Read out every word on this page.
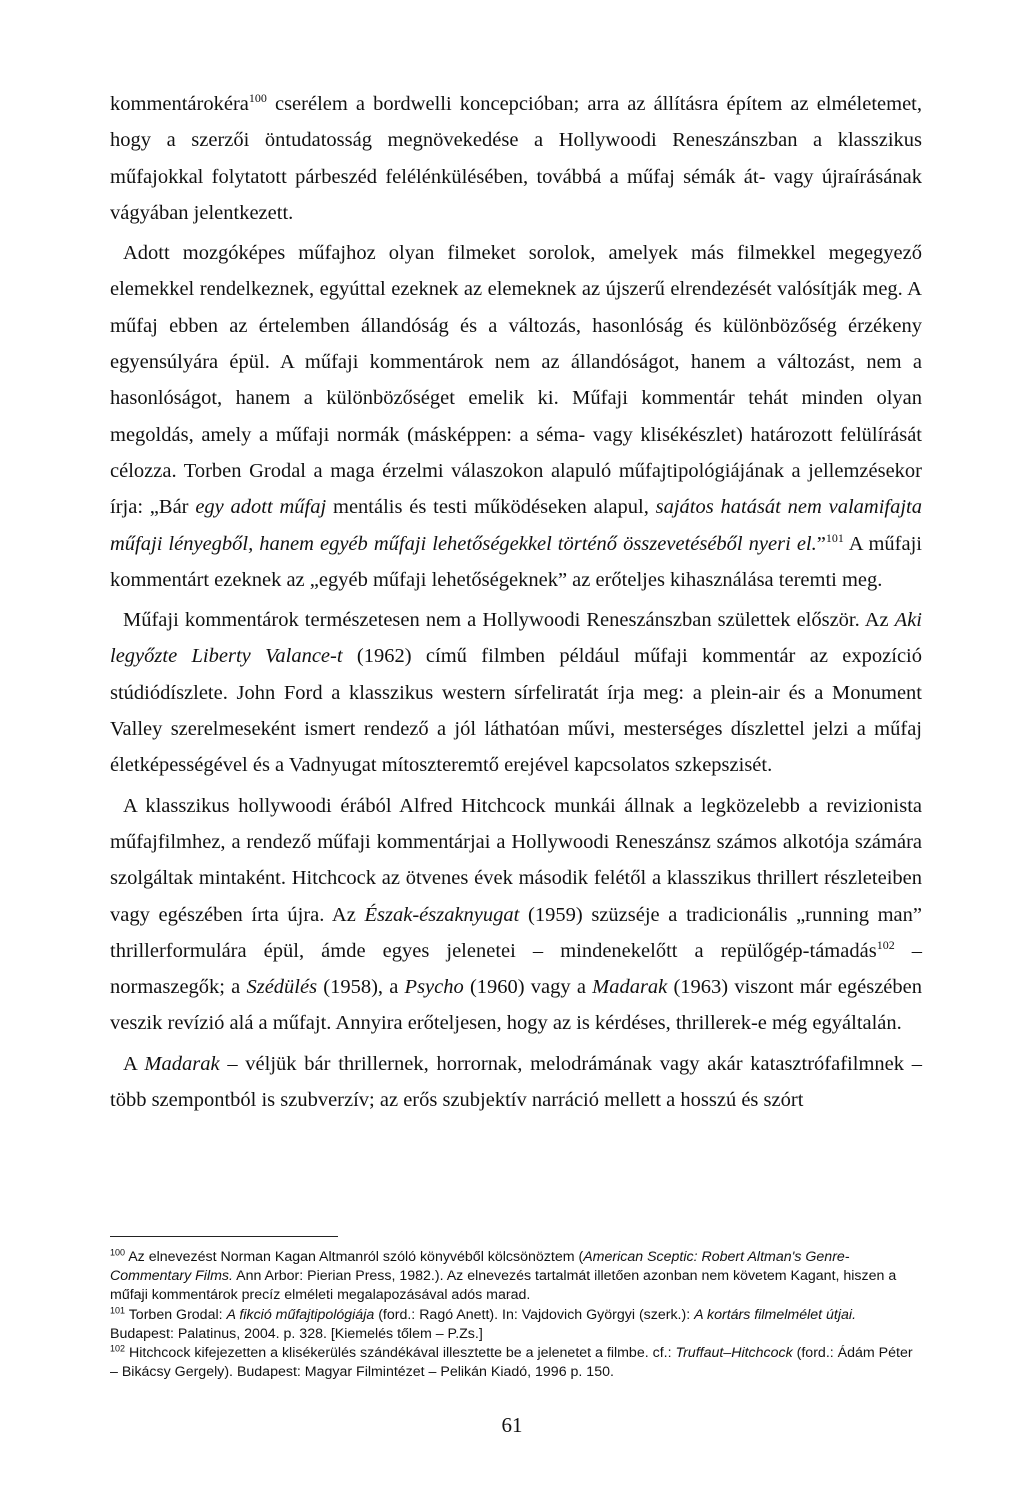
kommentárokéra$^{100}$ cserélem a bordwelli koncepcióban; arra az állításra építem az elméletemet, hogy a szerzői öntudatosság megnövekedése a Hollywoodi Reneszánszban a klasszikus műfajokkal folytatott párbeszéd felélénkülésében, továbbá a műfaj sémák át- vagy újraírásának vágyában jelentkezett.

Adott mozgóképes műfajhoz olyan filmeket sorolok, amelyek más filmekkel megegyező elemekkel rendelkeznek, egyúttal ezeknek az elemeknek az újszerű elrendezését valósítják meg. A műfaj ebben az értelemben állandóság és a változás, hasonlóság és különbözőség érzékeny egyensúlyára épül. A műfaji kommentárok nem az állandóságot, hanem a változást, nem a hasonlóságot, hanem a különbözőséget emelik ki. Műfaji kommentár tehát minden olyan megoldás, amely a műfaji normák (másképpen: a séma- vagy klisékészlet) határozott felülírását célozza. Torben Grodal a maga érzelmi válaszokon alapuló műfajtipológiájának a jellemzésekor írja: „Bár egy adott műfaj mentális és testi működéseken alapul, sajátos hatását nem valamifajta műfaji lényegből, hanem egyéb műfaji lehetőségekkel történő összevetéséből nyeri el.”$^{101}$ A műfaji kommentárt ezeknek az „egyéb műfaji lehetőségeknek” az erőteljes kihasználása teremti meg.

Műfaji kommentárok természetesen nem a Hollywoodi Reneszánszban születtek először. Az Aki legyőzte Liberty Valance-t (1962) című filmben például műfaji kommentár az expozíció stúdiódíszlete. John Ford a klasszikus western sírfeliratát írja meg: a plein-air és a Monument Valley szerelmeseként ismert rendező a jól láthatóan művi, mesterséges díszlettel jelzi a műfaj életképességével és a Vadnyugat mítoszteremtő erejével kapcsolatos szkepszisét.

A klasszikus hollywoodi érából Alfred Hitchcock munkái állnak a legközelebb a revizionista műfajfilmhez, a rendező műfaji kommentárjai a Hollywoodi Reneszánsz számos alkotója számára szolgáltak mintaként. Hitchcock az ötvenes évek második felétől a klasszikus thrillert részleteiben vagy egészében írta újra. Az Észak-északnyugat (1959) szüzséje a tradicionális „running man” thrillerformulára épül, ámde egyes jelenetei – mindenekelőtt a repülőgép-támadás$^{102}$ – normaszegők; a Szédülés (1958), a Psycho (1960) vagy a Madarak (1963) viszont már egészében veszik revízió alá a műfajt. Annyira erőteljesen, hogy az is kérdéses, thrillerek-e még egyáltalán.

A Madarak – véljük bár thrillernek, horrornak, melodrámának vagy akár katasztrófafilmnek – több szempontból is szubverzív; az erős szubjektív narráció mellett a hosszú és szórt

$^{100}$ Az elnevezést Norman Kagan Altmanról szóló könyvéből kölcsönöztem (American Sceptic: Robert Altman's Genre-Commentary Films. Ann Arbor: Pierian Press, 1982.). Az elnevezés tartalmát illetően azonban nem követem Kagant, hiszen a műfaji kommentárok precíz elméleti megalapozásával adós marad.

$^{101}$ Torben Grodal: A fikció műfajtipológiája (ford.: Ragó Anett). In: Vajdovich Györgyi (szerk.): A kortárs filmelmélet útjai. Budapest: Palatinus, 2004. p. 328. [Kiemelés tőlem – P.Zs.]

$^{102}$ Hitchcock kifejezetten a klisékerülés szándékával illesztette be a jelenetet a filmbe. cf.: Truffaut–Hitchcock (ford.: Ádám Péter – Bikácsy Gergely). Budapest: Magyar Filmintézet – Pelikán Kiadó, 1996 p. 150.

61
